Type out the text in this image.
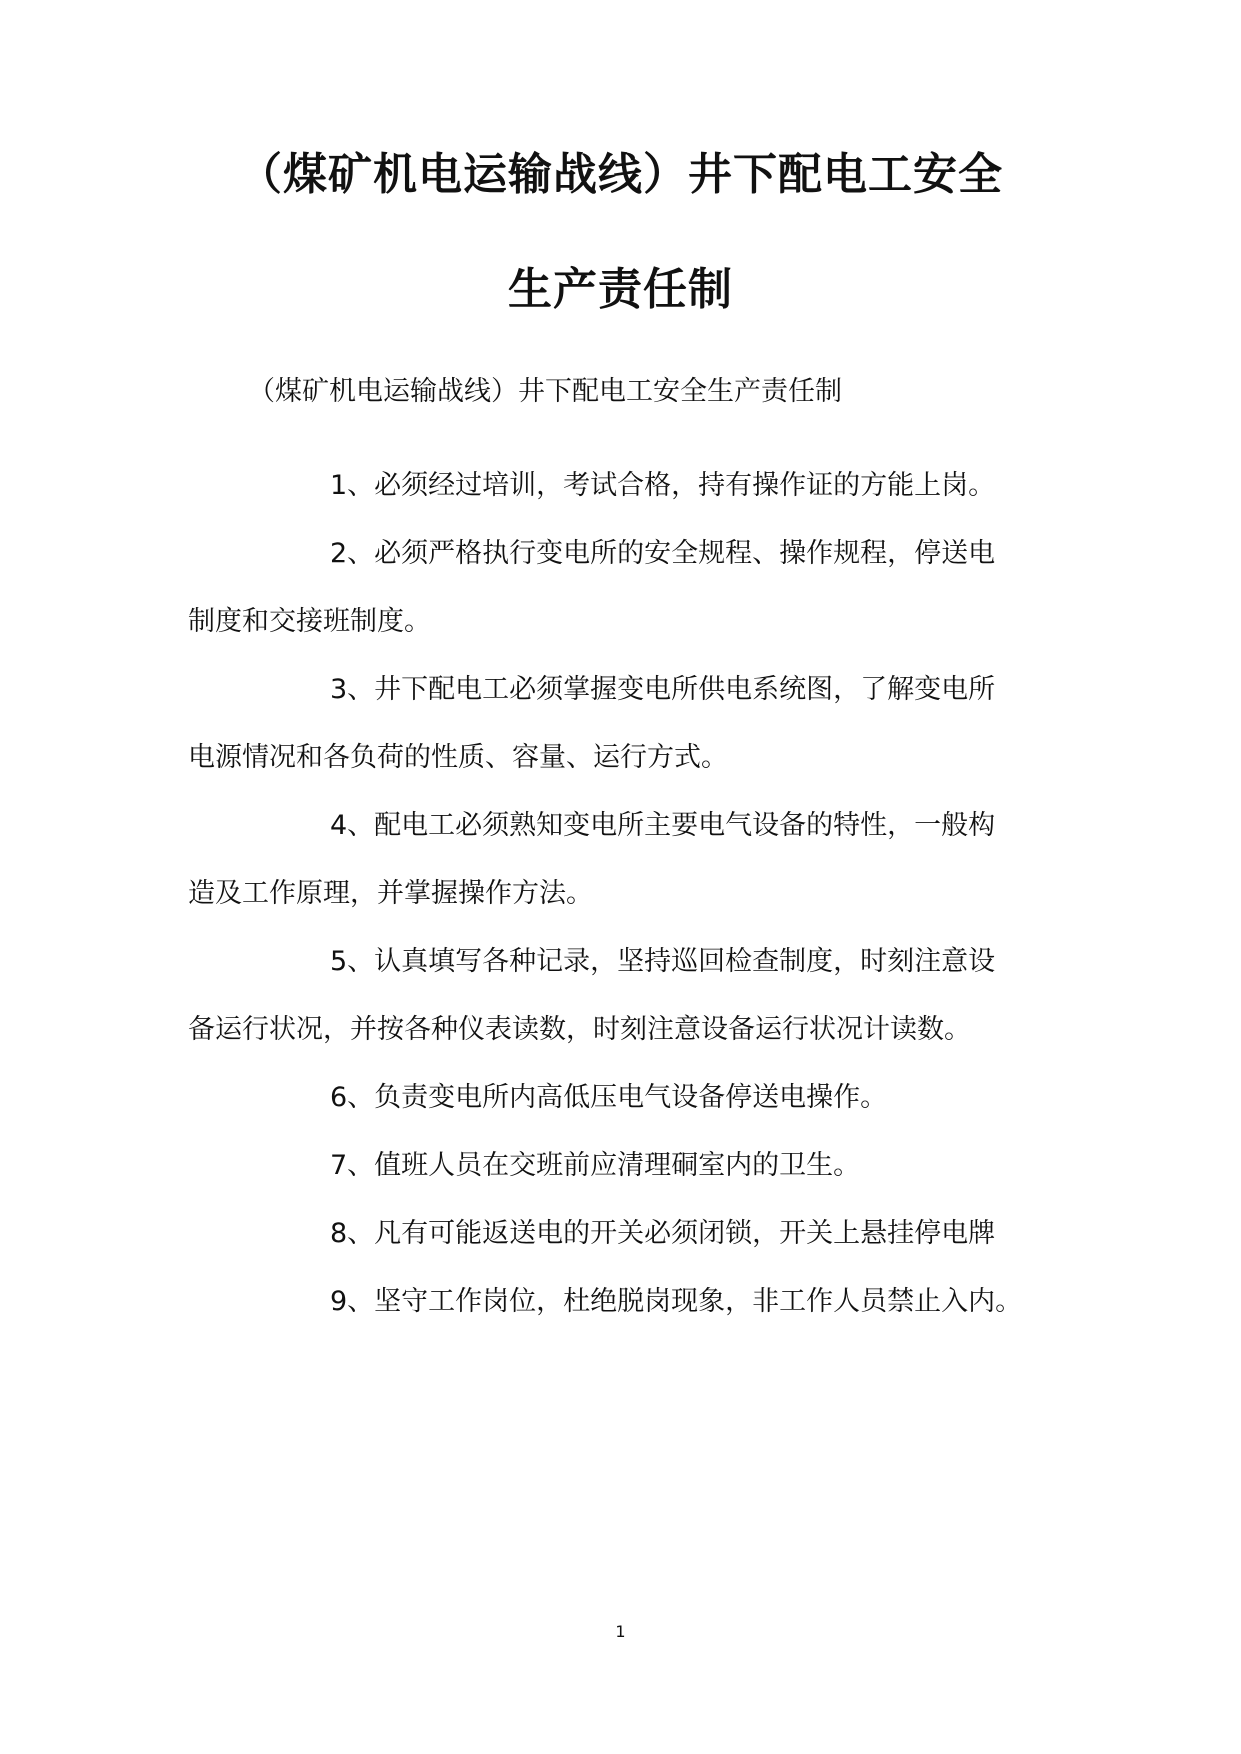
（煤矿机电运输战线）井下配电工安全
生产责任制
（煤矿机电运输战线）井下配电工安全生产责任制
1、必须经过培训，考试合格，持有操作证的方能上岗。
2、必须严格执行变电所的安全规程、操作规程，停送电
制度和交接班制度。
3、井下配电工必须掌握变电所供电系统图，了解变电所
电源情况和各负荷的性质、容量、运行方式。
4、配电工必须熟知变电所主要电气设备的特性，一般构
造及工作原理，并掌握操作方法。
5、认真填写各种记录，坚持巡回检查制度，时刻注意设
备运行状况，并按各种仪表读数，时刻注意设备运行状况计读数。
6、负责变电所内高低压电气设备停送电操作。
7、值班人员在交班前应清理硐室内的卫生。
8、凡有可能返送电的开关必须闭锁，开关上悬挂停电牌
9、坚守工作岗位，杜绝脱岗现象，非工作人员禁止入内。
1
